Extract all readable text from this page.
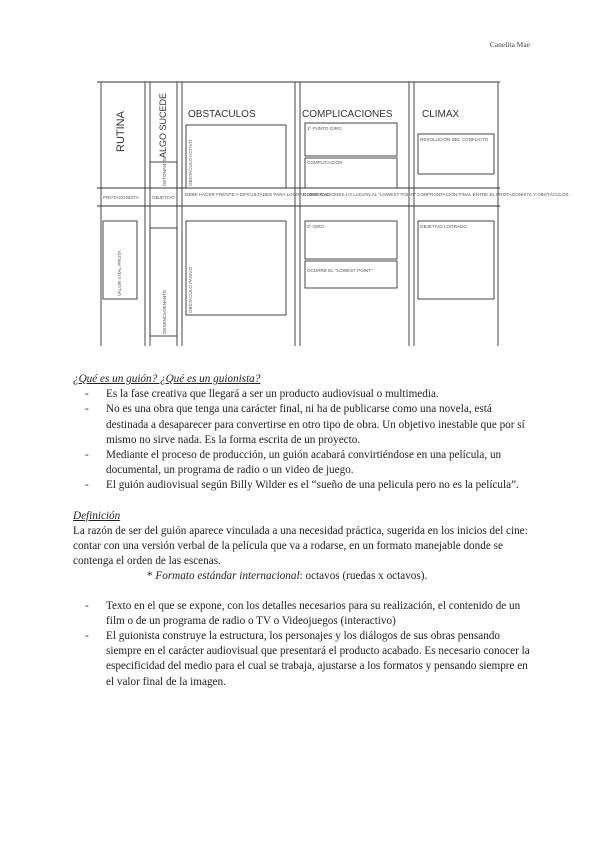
Canelita Mae
RUTINA	ALGO SUCEDE OBSTACULOS	COMPLICACIONES	CLIMAX
PROTAGONISTA	OBJETIVO
DEBE HACER FRENTE A DIFICULTADES PARA LOGRAR OBJETIVO
COMPLICACIONES LO LLEVAN AL "LOWEST POINT" CONFRONTACIÓN FINAL ENTRE EL PROTAGONISTA Y OBSTÁCULOS
VALOR VITAL PROTA
DETONANTE
DESENCADENANTE
OBSTACULO ACTIVO
OBSTACULO PASIVO
1º PUNTO GIRO
COMPLICACIÓN
2º GIRO
OCURRE EL "LOWEST POINT"
RESOLUCIÓN DEL CONFLICTO
OBJETIVO LOGRADO

¿Qué es un guión? ¿Qué es un guionista?

- Es la fase creativa que llegará a ser un producto audiovisual o multimedia.
- No es una obra que tenga una carácter final, ni ha de publicarse como una novela, está destinada a desaparecer para convertirse en otro tipo de obra. Un objetivo inestable que por sí mismo no sirve nada. Es la forma escrita de un proyecto.
- Mediante el proceso de producción, un guión acabará convirtiéndose en una película, un documental, un programa de radio o un video de juego.
- El guión audiovisual según Billy Wilder es el “sueño de una pelicula pero no es la película”.

Definición

La razón de ser del guión aparece vinculada a una necesidad práctica, sugerida en los inicios del cine: contar con una versión verbal de la película que va a rodarse, en un formato manejable donde se contenga el orden de las escenas.

* Formato estándar internacional: octavos (ruedas x octavos).

- Texto en el que se expone, con los detalles necesarios para su realización, el contenido de un film o de un programa de radio o TV o Videojuegos (interactivo)
- El guionista construye la estructura, los personajes y los diálogos de sus obras pensando siempre en el carácter audiovisual que presentará el producto acabado. Es necesario conocer la especificidad del medio para el cual se trabaja, ajustarse a los formatos y pensando siempre en el valor final de la imagen.
